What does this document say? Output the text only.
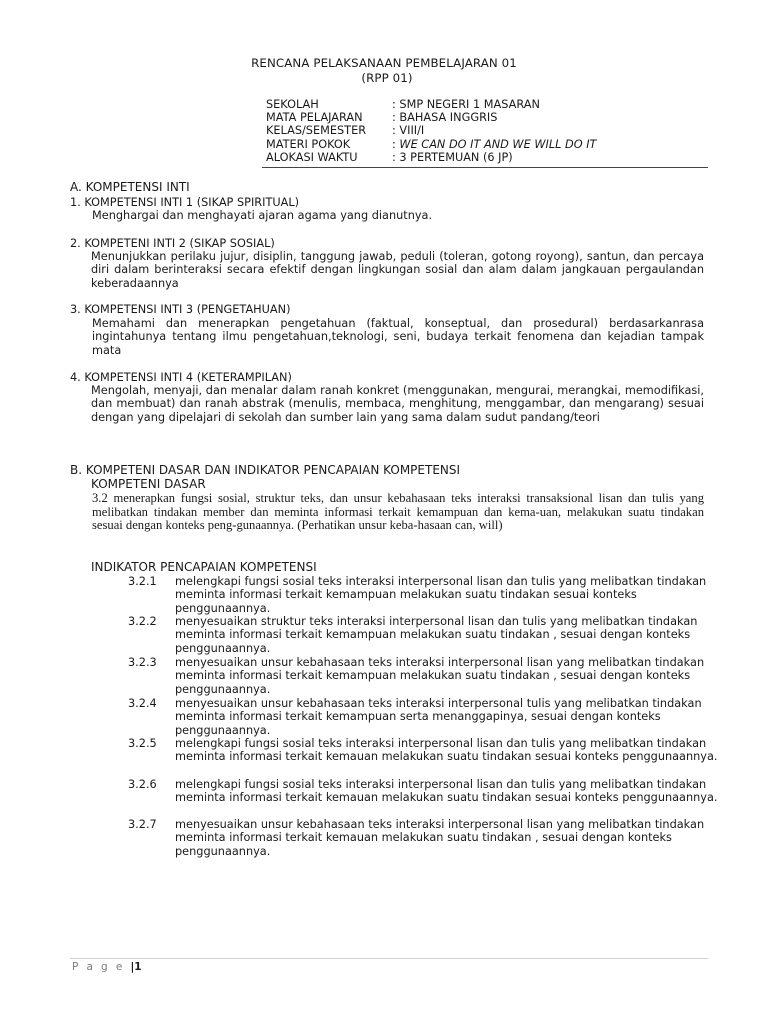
RENCANA PELAKSANAAN PEMBELAJARAN 01
(RPP 01)
SEKOLAH	: SMP NEGERI 1 MASARAN
MATA PELAJARAN	: BAHASA INGGRIS
KELAS/SEMESTER : VIII/I
MATERI POKOK	: WE CAN DO IT AND WE WILL DO IT
ALOKASI WAKTU	: 3 PERTEMUAN (6 JP)
A. KOMPETENSI INTI
1. KOMPETENSI INTI 1 (SIKAP SPIRITUAL)
Menghargai dan menghayati ajaran agama yang dianutnya.
2. KOMPETENI INTI 2 (SIKAP SOSIAL)
Menunjukkan perilaku jujur, disiplin, tanggung jawab, peduli (toleran, gotong royong), santun, dan percaya diri dalam berinteraksi secara efektif dengan lingkungan sosial dan alam dalam jangkauan pergaulandan keberadaannya
3. KOMPETENSI INTI 3 (PENGETAHUAN)
Memahami dan menerapkan pengetahuan (faktual, konseptual, dan prosedural) berdasarkanrasa ingintahunya tentang ilmu pengetahuan,teknologi, seni, budaya terkait fenomena dan kejadian tampak mata
4. KOMPETENSI INTI 4 (KETERAMPILAN)
Mengolah, menyaji, dan menalar dalam ranah konkret (menggunakan, mengurai, merangkai, memodifikasi, dan membuat) dan ranah abstrak (menulis, membaca, menghitung, menggambar, dan mengarang) sesuai dengan yang dipelajari di sekolah dan sumber lain yang sama dalam sudut pandang/teori
B. KOMPETENI DASAR DAN INDIKATOR PENCAPAIAN KOMPETENSI
KOMPETENI DASAR
3.2 menerapkan fungsi sosial, struktur teks, dan unsur kebahasaan teks interaksi transaksional lisan dan tulis yang melibatkan tindakan member dan meminta informasi terkait kemampuan dan kema-uan, melakukan suatu tindakan sesuai dengan konteks peng-gunaannya. (Perhatikan unsur keba-hasaan can, will)
INDIKATOR PENCAPAIAN KOMPETENSI
3.2.1 melengkapi fungsi sosial teks interaksi interpersonal lisan dan tulis yang melibatkan tindakan meminta informasi terkait kemampuan melakukan suatu tindakan sesuai konteks penggunaannya.
3.2.2 menyesuaikan struktur teks interaksi interpersonal lisan dan tulis yang melibatkan tindakan meminta informasi terkait kemampuan melakukan suatu tindakan , sesuai dengan konteks penggunaannya.
3.2.3 menyesuaikan unsur kebahasaan teks interaksi interpersonal lisan yang melibatkan tindakan meminta informasi terkait kemampuan melakukan suatu tindakan , sesuai dengan konteks penggunaannya.
3.2.4 menyesuaikan unsur kebahasaan teks interaksi interpersonal tulis yang melibatkan tindakan meminta informasi terkait kemampuan serta menanggapinya, sesuai dengan konteks penggunaannya.
3.2.5 melengkapi fungsi sosial teks interaksi interpersonal lisan dan tulis yang melibatkan tindakan meminta informasi terkait kemauan melakukan suatu tindakan sesuai konteks penggunaannya.
3.2.6 melengkapi fungsi sosial teks interaksi interpersonal lisan dan tulis yang melibatkan tindakan meminta informasi terkait kemauan melakukan suatu tindakan sesuai konteks penggunaannya.
3.2.7 menyesuaikan unsur kebahasaan teks interaksi interpersonal lisan yang melibatkan tindakan meminta informasi terkait kemauan melakukan suatu tindakan , sesuai dengan konteks penggunaannya.
P a g e |1
